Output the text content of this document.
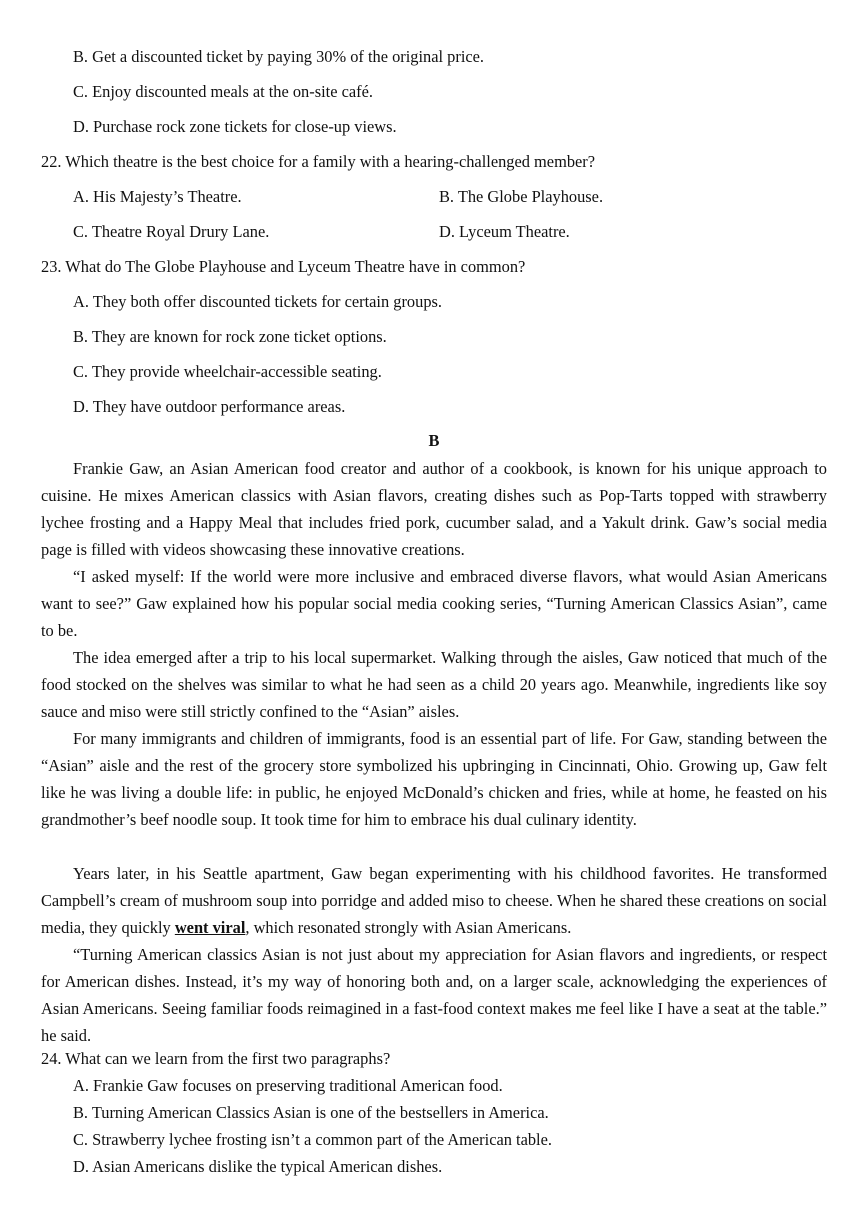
B. Get a discounted ticket by paying 30% of the original price.
C. Enjoy discounted meals at the on-site café.
D. Purchase rock zone tickets for close-up views.
22. Which theatre is the best choice for a family with a hearing-challenged member?
A. His Majesty’s Theatre.	B. The Globe Playhouse.
C. Theatre Royal Drury Lane.	D. Lyceum Theatre.
23. What do The Globe Playhouse and Lyceum Theatre have in common?
A. They both offer discounted tickets for certain groups.
B. They are known for rock zone ticket options.
C. They provide wheelchair-accessible seating.
D. They have outdoor performance areas.
B

Frankie Gaw, an Asian American food creator and author of a cookbook, is known for his unique approach to cuisine. He mixes American classics with Asian flavors, creating dishes such as Pop-Tarts topped with strawberry lychee frosting and a Happy Meal that includes fried pork, cucumber salad, and a Yakult drink. Gaw’s social media page is filled with videos showcasing these innovative creations.

“I asked myself: If the world were more inclusive and embraced diverse flavors, what would Asian Americans want to see?” Gaw explained how his popular social media cooking series, “Turning American Classics Asian”, came to be.

The idea emerged after a trip to his local supermarket. Walking through the aisles, Gaw noticed that much of the food stocked on the shelves was similar to what he had seen as a child 20 years ago. Meanwhile, ingredients like soy sauce and miso were still strictly confined to the “Asian” aisles.

For many immigrants and children of immigrants, food is an essential part of life. For Gaw, standing between the “Asian” aisle and the rest of the grocery store symbolized his upbringing in Cincinnati, Ohio. Growing up, Gaw felt like he was living a double life: in public, he enjoyed McDonald’s chicken and fries, while at home, he feasted on his grandmother’s beef noodle soup. It took time for him to embrace his dual culinary identity.

Years later, in his Seattle apartment, Gaw began experimenting with his childhood favorites. He transformed Campbell’s cream of mushroom soup into porridge and added miso to cheese. When he shared these creations on social media, they quickly went viral, which resonated strongly with Asian Americans.

“Turning American classics Asian is not just about my appreciation for Asian flavors and ingredients, or respect for American dishes. Instead, it’s my way of honoring both and, on a larger scale, acknowledging the experiences of Asian Americans. Seeing familiar foods reimagined in a fast-food context makes me feel like I have a seat at the table.” he said.

24. What can we learn from the first two paragraphs?
A. Frankie Gaw focuses on preserving traditional American food.
B. Turning American Classics Asian is one of the bestsellers in America.
C. Strawberry lychee frosting isn’t a common part of the American table.
D. Asian Americans dislike the typical American dishes.
